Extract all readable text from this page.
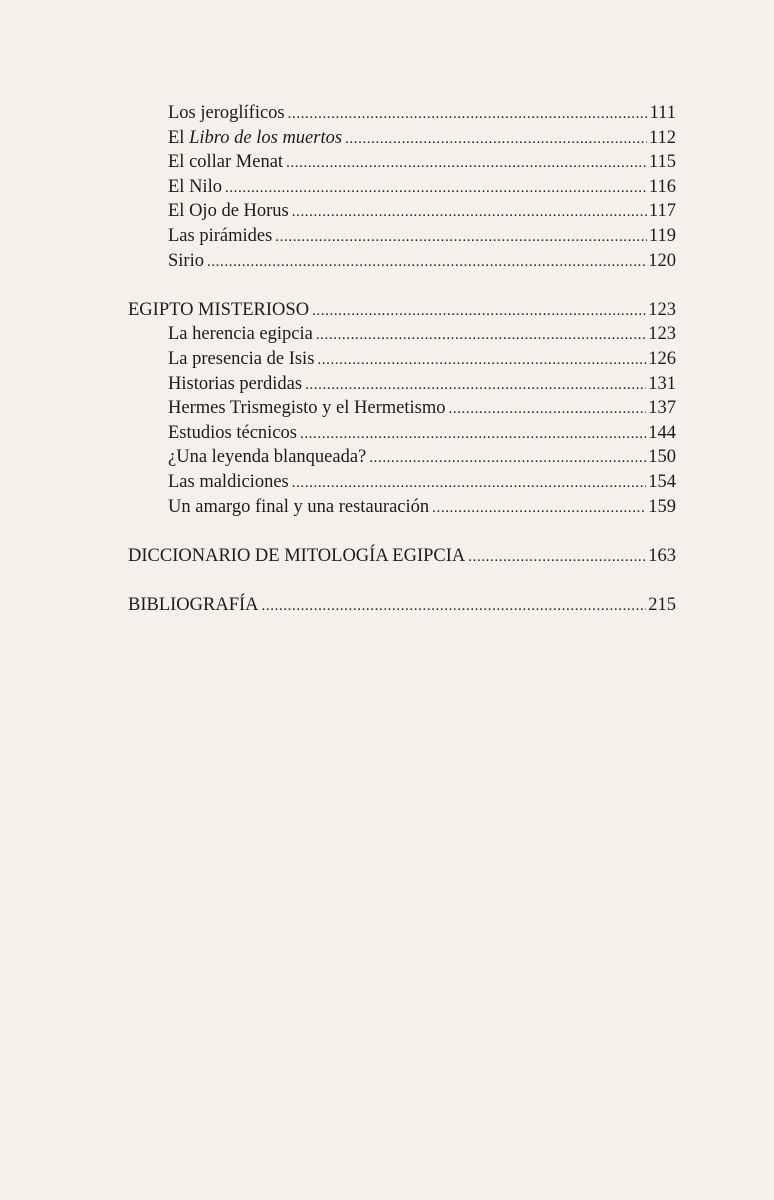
Los jeroglíficos .....	111
El Libro de los muertos .....	112
El collar Menat .....	115
El Nilo .....	116
El Ojo de Horus .....	117
Las pirámides .....	119
Sirio .....	120
EGIPTO MISTERIOSO .....	123
La herencia egipcia .....	123
La presencia de Isis .....	126
Historias perdidas .....	131
Hermes Trismegisto y el Hermetismo .....	137
Estudios técnicos .....	144
¿Una leyenda blanqueada? .....	150
Las maldiciones .....	154
Un amargo final y una restauración .....	159
DICCIONARIO DE MITOLOGÍA EGIPCIA .....	163
BIBLIOGRAFÍA .....	215
